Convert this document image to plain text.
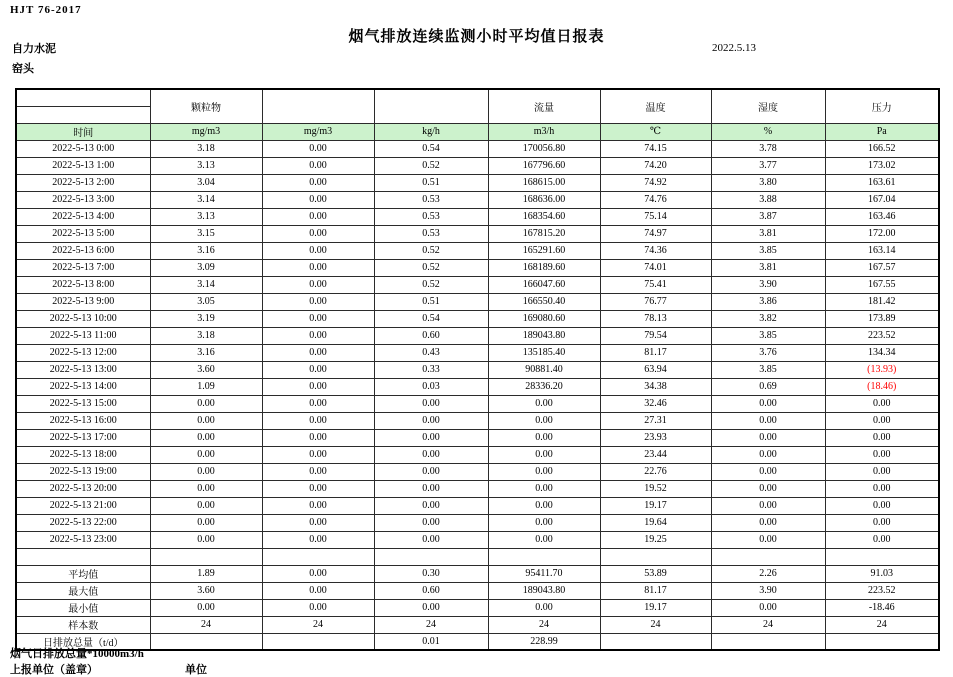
HJT 76-2017
烟气排放连续监测小时平均值日报表
自力水泥
窑头
2022.5.13
	颗粒物			流量	温度	湿度	压力

时间	mg/m3	mg/m3	kg/h	m3/h	℃	%	Pa
2022-5-13 0:00	3.18	0.00	0.54	170056.80	74.15	3.78	166.52
2022-5-13 1:00	3.13	0.00	0.52	167796.60	74.20	3.77	173.02
2022-5-13 2:00	3.04	0.00	0.51	168615.00	74.92	3.80	163.61
2022-5-13 3:00	3.14	0.00	0.53	168636.00	74.76	3.88	167.04
2022-5-13 4:00	3.13	0.00	0.53	168354.60	75.14	3.87	163.46
2022-5-13 5:00	3.15	0.00	0.53	167815.20	74.97	3.81	172.00
2022-5-13 6:00	3.16	0.00	0.52	165291.60	74.36	3.85	163.14
2022-5-13 7:00	3.09	0.00	0.52	168189.60	74.01	3.81	167.57
2022-5-13 8:00	3.14	0.00	0.52	166047.60	75.41	3.90	167.55
2022-5-13 9:00	3.05	0.00	0.51	166550.40	76.77	3.86	181.42
2022-5-13 10:00	3.19	0.00	0.54	169080.60	78.13	3.82	173.89
2022-5-13 11:00	3.18	0.00	0.60	189043.80	79.54	3.85	223.52
2022-5-13 12:00	3.16	0.00	0.43	135185.40	81.17	3.76	134.34
2022-5-13 13:00	3.60	0.00	0.33	90881.40	63.94	3.85	(13.93)
2022-5-13 14:00	1.09	0.00	0.03	28336.20	34.38	0.69	(18.46)
2022-5-13 15:00	0.00	0.00	0.00	0.00	32.46	0.00	0.00
2022-5-13 16:00	0.00	0.00	0.00	0.00	27.31	0.00	0.00
2022-5-13 17:00	0.00	0.00	0.00	0.00	23.93	0.00	0.00
2022-5-13 18:00	0.00	0.00	0.00	0.00	23.44	0.00	0.00
2022-5-13 19:00	0.00	0.00	0.00	0.00	22.76	0.00	0.00
2022-5-13 20:00	0.00	0.00	0.00	0.00	19.52	0.00	0.00
2022-5-13 21:00	0.00	0.00	0.00	0.00	19.17	0.00	0.00
2022-5-13 22:00	0.00	0.00	0.00	0.00	19.64	0.00	0.00
2022-5-13 23:00	0.00	0.00	0.00	0.00	19.25	0.00	0.00

平均值	1.89	0.00	0.30	95411.70	53.89	2.26	91.03
最大值	3.60	0.00	0.60	189043.80	81.17	3.90	223.52
最小值	0.00	0.00	0.00	0.00	19.17	0.00	-18.46
样本数	24	24	24	24	24	24	24
日排放总量（t/d）			0.01	228.99			
烟气日排放总量*10000m3/h
上报单位（盖章）	单位
